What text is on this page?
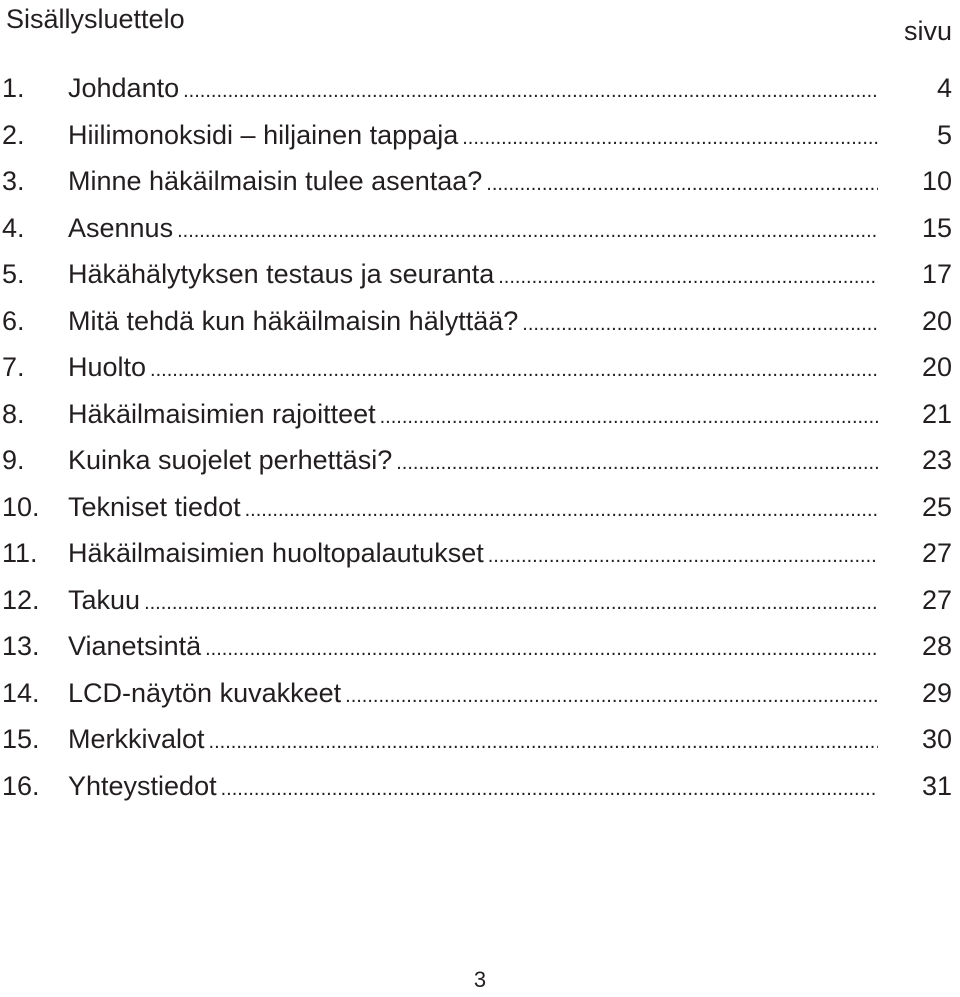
Sisällysluettelo	sivu
1. Johdanto .....	4
2. Hiilimonoksidi – hiljainen tappaja .....	5
3. Minne häkäilmaisin tulee asentaa? .....	10
4. Asennus .....	15
5. Häkähälytyksen testaus ja seuranta .....	17
6. Mitä tehdä kun häkäilmaisin hälyttää? .....	20
7. Huolto .....	20
8. Häkäilmaisimien rajoitteet .....	21
9. Kuinka suojelet perhettäsi? .....	23
10. Tekniset tiedot .....	25
11. Häkäilmaisimien huoltopalautukset .....	27
12. Takuu .....	27
13. Vianetsintä .....	28
14. LCD-näytön kuvakkeet .....	29
15. Merkkivalot .....	30
16. Yhteystiedot .....	31
3
